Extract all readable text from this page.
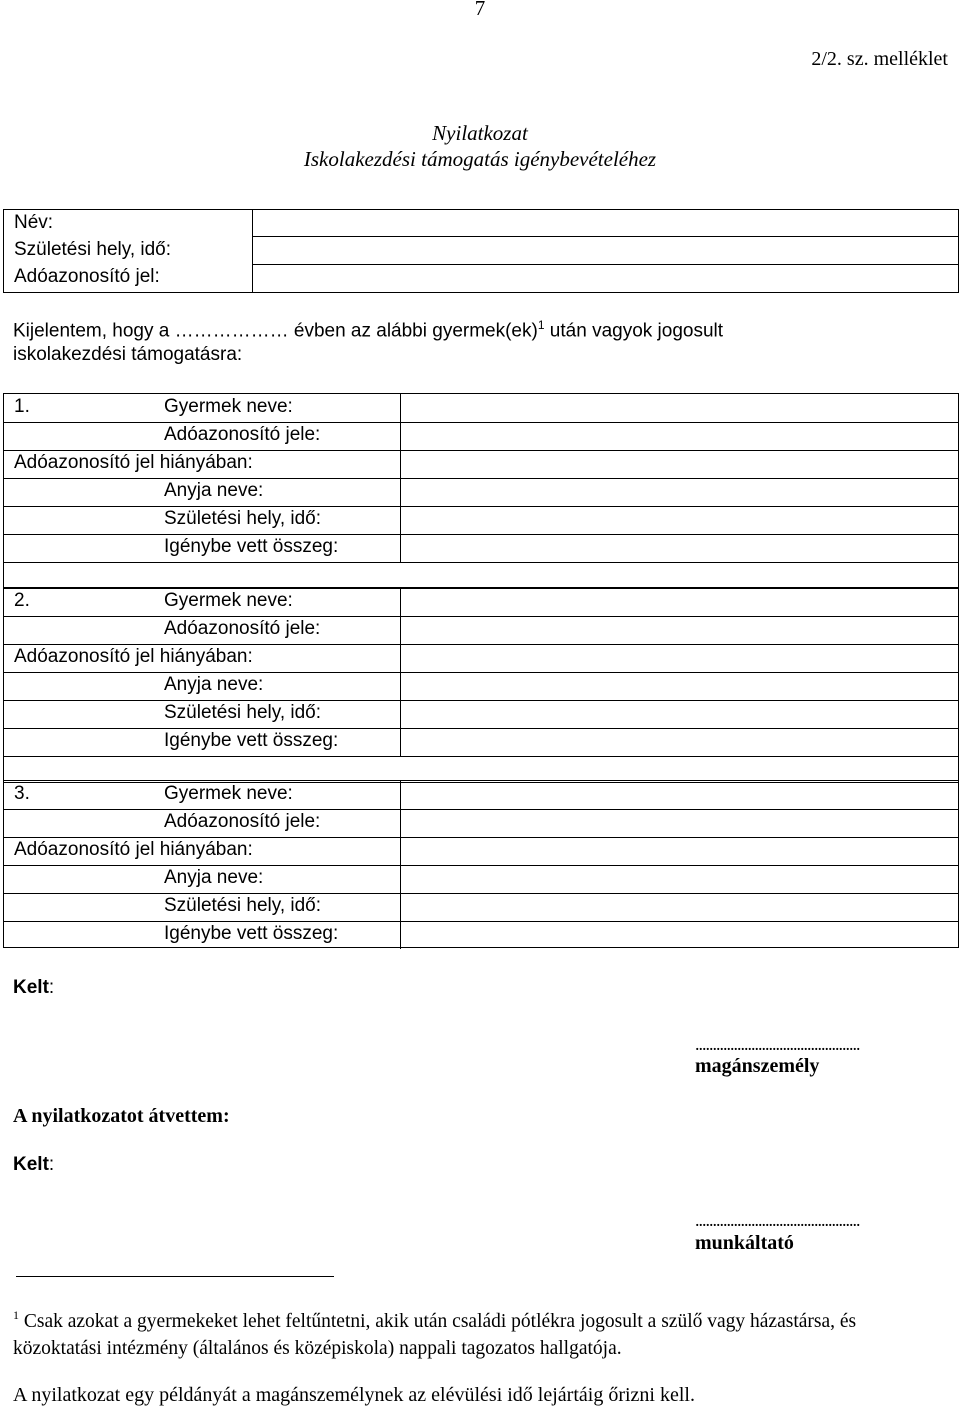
7
2/2. sz. melléklet
Nyilatkozat
Iskolakezdési támogatás igénybevételéhez
Név:
Születési hely, idő:
Adóazonosító jel:
Kijelentem, hogy a ……………… évben az alábbi gyermek(ek)$^1$ után vagyok jogosult
iskolakezdési támogatásra:
1.	Gyermek neve:
Adóazonosító jele:
Adóazonosító jel hiányában:
Anyja neve:
Születési hely, idő:
Igénybe vett összeg:
2.	Gyermek neve:
Adóazonosító jele:
Adóazonosító jel hiányában:
Anyja neve:
Születési hely, idő:
Igénybe vett összeg:
3.	Gyermek neve:
Adóazonosító jele:
Adóazonosító jel hiányában:
Anyja neve:
Születési hely, idő:
Igénybe vett összeg:
Kelt:
...............................................
magánszemély
A nyilatkozatot átvettem:
Kelt:
...............................................
munkáltató
$^1$ Csak azokat a gyermekeket lehet feltűntetni, akik után családi pótlékra jogosult a szülő vagy házastársa, és közoktatási intézmény (általános és középiskola) nappali tagozatos hallgatója.
A nyilatkozat egy példányát a magánszemélynek az elévülési idő lejártáig őrizni kell.
